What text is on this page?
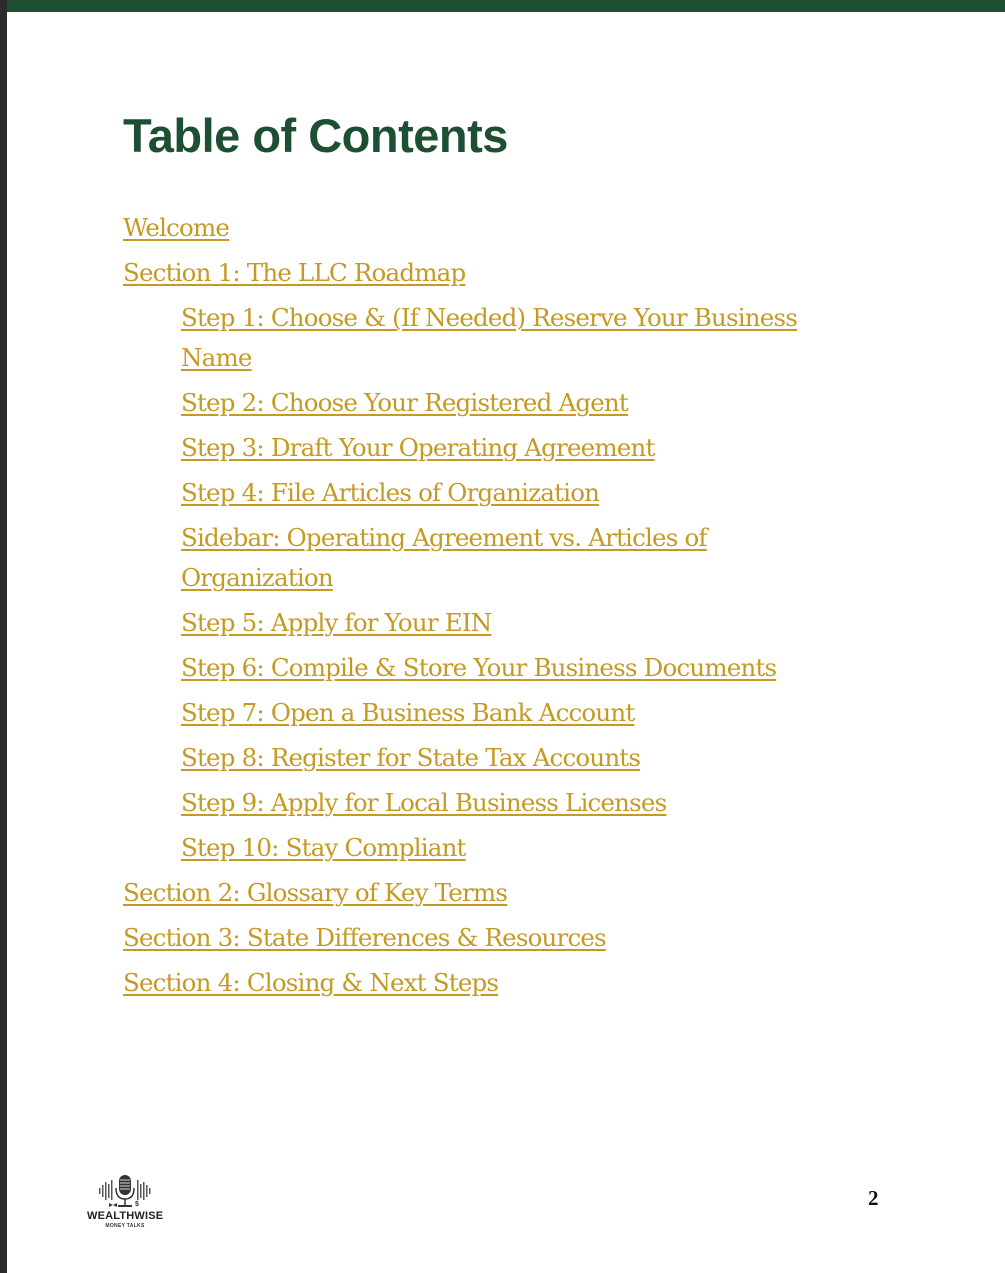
Table of Contents
Welcome
Section 1: The LLC Roadmap
Step 1: Choose & (If Needed) Reserve Your Business Name
Step 2: Choose Your Registered Agent
Step 3: Draft Your Operating Agreement
Step 4: File Articles of Organization
Sidebar: Operating Agreement vs. Articles of Organization
Step 5: Apply for Your EIN
Step 6: Compile & Store Your Business Documents
Step 7: Open a Business Bank Account
Step 8: Register for State Tax Accounts
Step 9: Apply for Local Business Licenses
Step 10: Stay Compliant
Section 2: Glossary of Key Terms
Section 3: State Differences & Resources
Section 4: Closing & Next Steps
$
WEALTHWISE
MONEY TALKS
2
